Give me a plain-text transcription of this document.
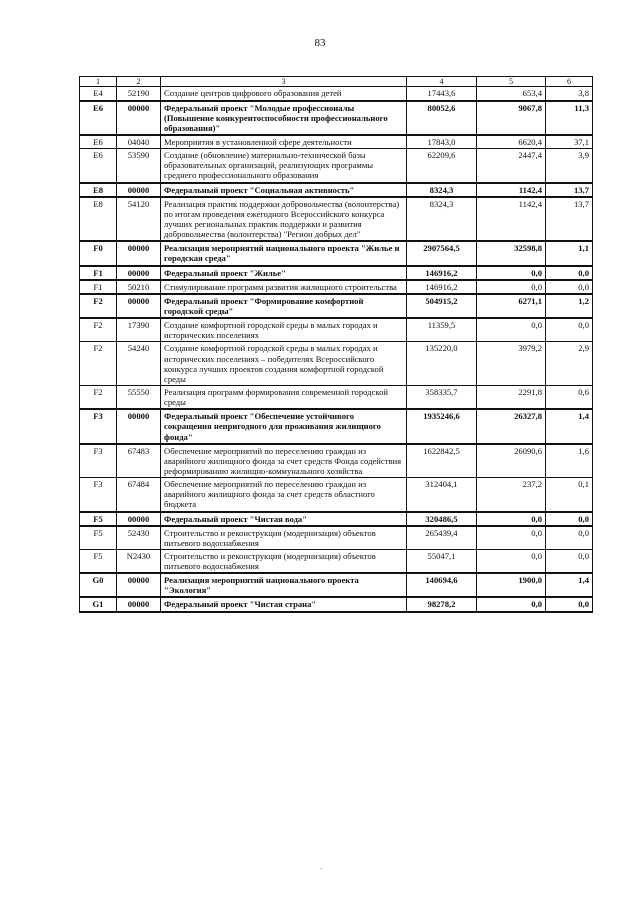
83
1	2	3	4	5	6
E4	52190	Создание центров цифрового образования детей	17443,6	653,4	3,8
E6	00000	Федеральный проект "Молодые профессионалы (Повышение конкурентоспособности профессионального образования)"	80052,6	9067,8	11,3
E6	04040	Мероприятия в установленной сфере деятельности	17843,0	6620,4	37,1
E6	53590	Создание (обновление) материально-технической базы образовательных организаций, реализующих программы среднего профессионального образования	62209,6	2447,4	3,9
E8	00000	Федеральный проект "Социальная активность"	8324,3	1142,4	13,7
E8	54120	Реализация практик поддержки добровольчества (волонтерства) по итогам проведения ежегодного Всероссийского конкурса лучших региональных практик поддержки и развития добровольчества (волонтерства) "Регион добрых дел"	8324,3	1142,4	13,7
F0	00000	Реализация мероприятий национального проекта "Жилье и городская среда"	2907564,5	32598,8	1,1
F1	00000	Федеральный проект "Жилье"	146916,2	0,0	0,0
F1	50210	Стимулирование программ развития жилищного строительства	146916,2	0,0	0,0
F2	00000	Федеральный проект "Формирование комфортной городской среды"	504915,2	6271,1	1,2
F2	17390	Создание комфортной городской среды в малых городах и исторических поселениях	11359,5	0,0	0,0
F2	54240	Создание комфортной городской среды в малых городах и исторических поселениях – победителях Всероссийского конкурса лучших проектов создания комфортной городской среды	135220,0	3979,2	2,9
F2	55550	Реализация программ формирования современной городской среды	358335,7	2291,8	0,6
F3	00000	Федеральный проект "Обеспечение устойчивого сокращения непригодного для проживания жилищного фонда"	1935246,6	26327,8	1,4
F3	67483	Обеспечение мероприятий по переселению граждан из аварийного жилищного фонда за счет средств Фонда содействия реформированию жилищно-коммунального хозяйства	1622842,5	26090,6	1,6
F3	67484	Обеспечение мероприятий по переселению граждан из аварийного жилищного фонда за счет средств областного бюджета	312404,1	237,2	0,1
F5	00000	Федеральный проект "Чистая вода"	320486,5	0,0	0,0
F5	52430	Строительство и реконструкция (модернизация) объектов питьевого водоснабжения	265439,4	0,0	0,0
F5	N2430	Строительство и реконструкция (модернизация) объектов питьевого водоснабжения	55047,1	0,0	0,0
G0	00000	Реализация мероприятий национального проекта "Экология"	140694,6	1900,0	1,4
G1	00000	Федеральный проект "Чистая страна"	98278,2	0,0	0,0
